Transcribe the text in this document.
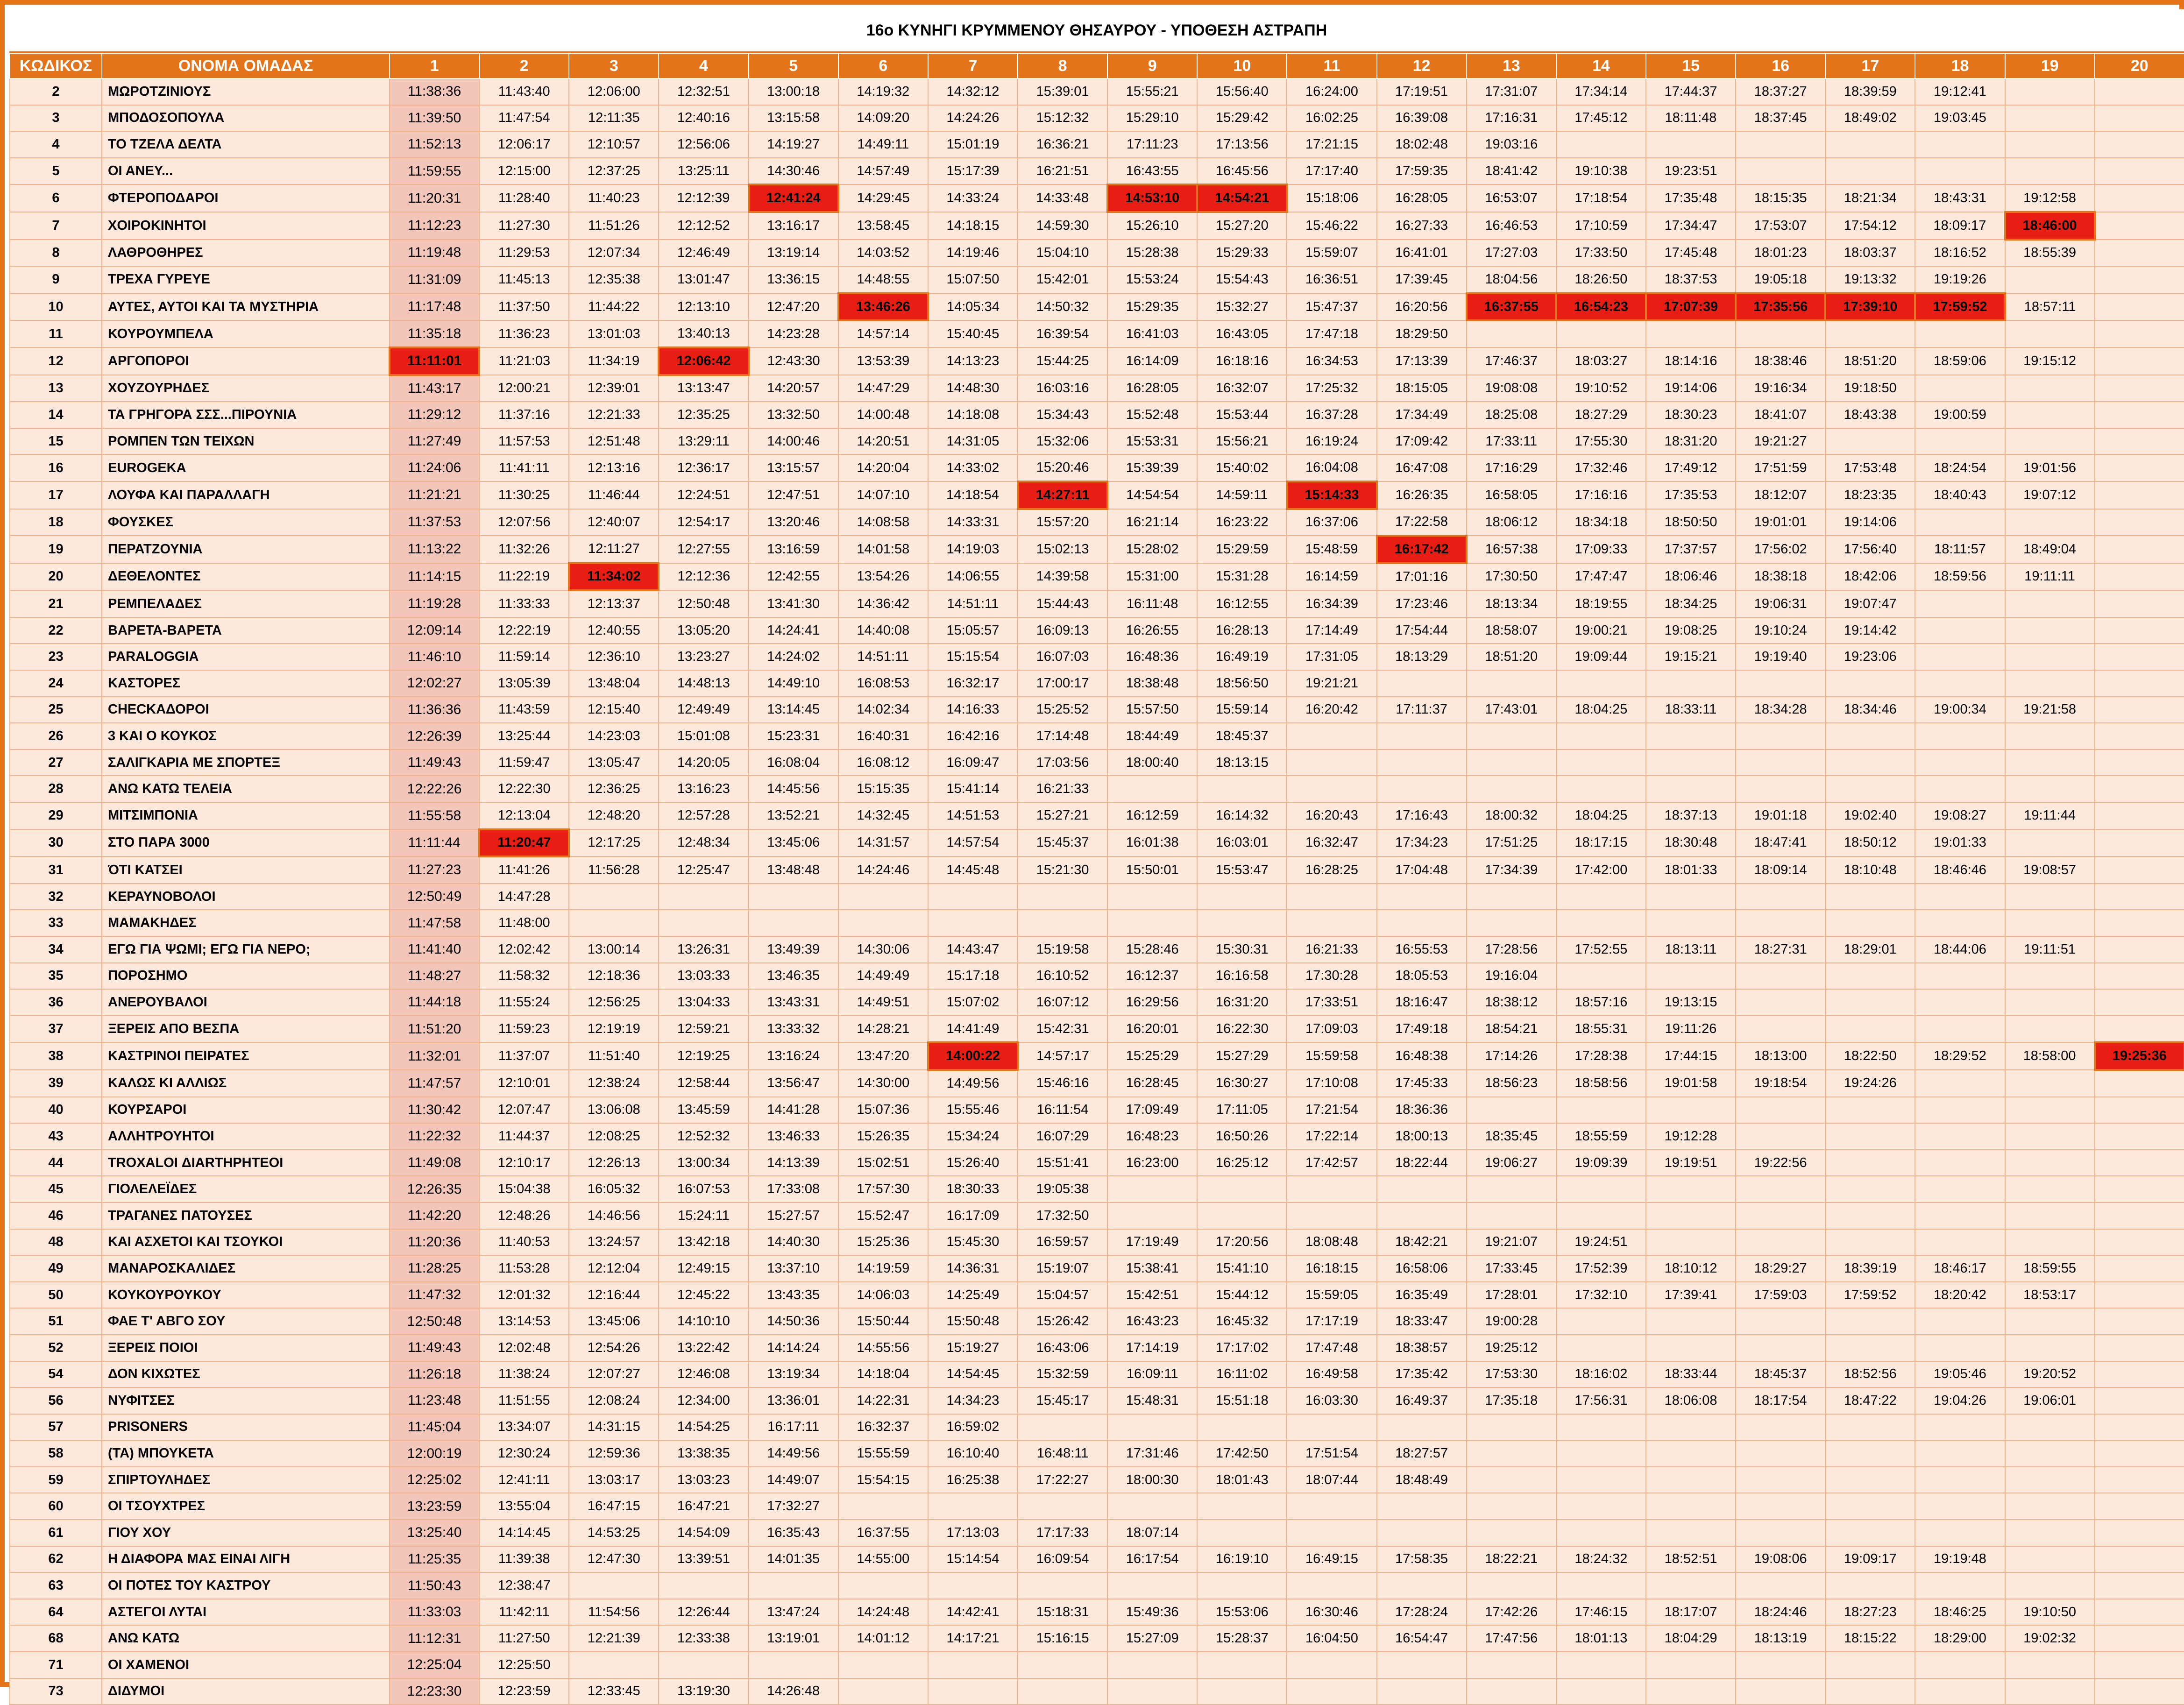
16ο ΚΥΝΗΓΙ ΚΡΥΜΜΕΝΟΥ ΘΗΣΑΥΡΟΥ - ΥΠΟΘΕΣΗ ΑΣΤΡΑΠΗ
ΚΩΔΙΚΟΣ	ΟΝΟΜΑ ΟΜΑΔΑΣ	1	2	3	4	5	6	7	8	9	10	11	12	13	14	15	16	17	18	19	20
2	ΜΩΡΟΤΖΙΝΙΟΥΣ	11:38:36	11:43:40	12:06:00	12:32:51	13:00:18	14:19:32	14:32:12	15:39:01	15:55:21	15:56:40	16:24:00	17:19:51	17:31:07	17:34:14	17:44:37	18:37:27	18:39:59	19:12:41		
3	ΜΠΟΔΟΣΟΠΟΥΛΑ	11:39:50	11:47:54	12:11:35	12:40:16	13:15:58	14:09:20	14:24:26	15:12:32	15:29:10	15:29:42	16:02:25	16:39:08	17:16:31	17:45:12	18:11:48	18:37:45	18:49:02	19:03:45		
4	ΤΟ ΤΖΕΛΑ ΔΕΛΤΑ	11:52:13	12:06:17	12:10:57	12:56:06	14:19:27	14:49:11	15:01:19	16:36:21	17:11:23	17:13:56	17:21:15	18:02:48	19:03:16							
5	ΟΙ ΑΝΕΥ...	11:59:55	12:15:00	12:37:25	13:25:11	14:30:46	14:57:49	15:17:39	16:21:51	16:43:55	16:45:56	17:17:40	17:59:35	18:41:42	19:10:38	19:23:51					
6	ΦΤΕΡΟΠΟΔΑΡΟΙ	11:20:31	11:28:40	11:40:23	12:12:39	12:41:24	14:29:45	14:33:24	14:33:48	14:53:10	14:54:21	15:18:06	16:28:05	16:53:07	17:18:54	17:35:48	18:15:35	18:21:34	18:43:31	19:12:58	
7	ΧΟΙΡΟΚΙΝΗΤΟΙ	11:12:23	11:27:30	11:51:26	12:12:52	13:16:17	13:58:45	14:18:15	14:59:30	15:26:10	15:27:20	15:46:22	16:27:33	16:46:53	17:10:59	17:34:47	17:53:07	17:54:12	18:09:17	18:46:00	
8	ΛΑΘΡΟΘΗΡΕΣ	11:19:48	11:29:53	12:07:34	12:46:49	13:19:14	14:03:52	14:19:46	15:04:10	15:28:38	15:29:33	15:59:07	16:41:01	17:27:03	17:33:50	17:45:48	18:01:23	18:03:37	18:16:52	18:55:39	
9	ΤΡΕΧΑ ΓΥΡΕΥΕ	11:31:09	11:45:13	12:35:38	13:01:47	13:36:15	14:48:55	15:07:50	15:42:01	15:53:24	15:54:43	16:36:51	17:39:45	18:04:56	18:26:50	18:37:53	19:05:18	19:13:32	19:19:26		
10	ΑΥΤΕΣ, ΑΥΤΟΙ ΚΑΙ ΤΑ ΜΥΣΤΗΡΙΑ	11:17:48	11:37:50	11:44:22	12:13:10	12:47:20	13:46:26	14:05:34	14:50:32	15:29:35	15:32:27	15:47:37	16:20:56	16:37:55	16:54:23	17:07:39	17:35:56	17:39:10	17:59:52	18:57:11	
11	ΚΟΥΡΟΥΜΠΕΛΑ	11:35:18	11:36:23	13:01:03	13:40:13	14:23:28	14:57:14	15:40:45	16:39:54	16:41:03	16:43:05	17:47:18	18:29:50								
12	ΑΡΓΟΠΟΡΟΙ	11:11:01	11:21:03	11:34:19	12:06:42	12:43:30	13:53:39	14:13:23	15:44:25	16:14:09	16:18:16	16:34:53	17:13:39	17:46:37	18:03:27	18:14:16	18:38:46	18:51:20	18:59:06	19:15:12	
13	ΧΟΥΖΟΥΡΗΔΕΣ	11:43:17	12:00:21	12:39:01	13:13:47	14:20:57	14:47:29	14:48:30	16:03:16	16:28:05	16:32:07	17:25:32	18:15:05	19:08:08	19:10:52	19:14:06	19:16:34	19:18:50			
14	ΤΑ ΓΡΗΓΟΡΑ ΣΣΣ...ΠΙΡΟΥΝΙΑ	11:29:12	11:37:16	12:21:33	12:35:25	13:32:50	14:00:48	14:18:08	15:34:43	15:52:48	15:53:44	16:37:28	17:34:49	18:25:08	18:27:29	18:30:23	18:41:07	18:43:38	19:00:59		
15	ΡΟΜΠΕΝ ΤΩΝ ΤΕΙΧΩΝ	11:27:49	11:57:53	12:51:48	13:29:11	14:00:46	14:20:51	14:31:05	15:32:06	15:53:31	15:56:21	16:19:24	17:09:42	17:33:11	17:55:30	18:31:20	19:21:27				
16	EUROGEKA	11:24:06	11:41:11	12:13:16	12:36:17	13:15:57	14:20:04	14:33:02	15:20:46	15:39:39	15:40:02	16:04:08	16:47:08	17:16:29	17:32:46	17:49:12	17:51:59	17:53:48	18:24:54	19:01:56	
17	ΛΟΥΦΑ ΚΑΙ ΠΑΡΑΛΛΑΓΗ	11:21:21	11:30:25	11:46:44	12:24:51	12:47:51	14:07:10	14:18:54	14:27:11	14:54:54	14:59:11	15:14:33	16:26:35	16:58:05	17:16:16	17:35:53	18:12:07	18:23:35	18:40:43	19:07:12	
18	ΦΟΥΣΚΕΣ	11:37:53	12:07:56	12:40:07	12:54:17	13:20:46	14:08:58	14:33:31	15:57:20	16:21:14	16:23:22	16:37:06	17:22:58	18:06:12	18:34:18	18:50:50	19:01:01	19:14:06			
19	ΠΕΡΑΤΖΟΥΝΙΑ	11:13:22	11:32:26	12:11:27	12:27:55	13:16:59	14:01:58	14:19:03	15:02:13	15:28:02	15:29:59	15:48:59	16:17:42	16:57:38	17:09:33	17:37:57	17:56:02	17:56:40	18:11:57	18:49:04	
20	ΔΕΘΕΛΟΝΤΕΣ	11:14:15	11:22:19	11:34:02	12:12:36	12:42:55	13:54:26	14:06:55	14:39:58	15:31:00	15:31:28	16:14:59	17:01:16	17:30:50	17:47:47	18:06:46	18:38:18	18:42:06	18:59:56	19:11:11	
21	ΡΕΜΠΕΛΑΔΕΣ	11:19:28	11:33:33	12:13:37	12:50:48	13:41:30	14:36:42	14:51:11	15:44:43	16:11:48	16:12:55	16:34:39	17:23:46	18:13:34	18:19:55	18:34:25	19:06:31	19:07:47			
22	ΒΑΡΕΤΑ-ΒΑΡΕΤΑ	12:09:14	12:22:19	12:40:55	13:05:20	14:24:41	14:40:08	15:05:57	16:09:13	16:26:55	16:28:13	17:14:49	17:54:44	18:58:07	19:00:21	19:08:25	19:10:24	19:14:42			
23	PARALOGGIA	11:46:10	11:59:14	12:36:10	13:23:27	14:24:02	14:51:11	15:15:54	16:07:03	16:48:36	16:49:19	17:31:05	18:13:29	18:51:20	19:09:44	19:15:21	19:19:40	19:23:06			
24	ΚΑΣΤΟΡΕΣ	12:02:27	13:05:39	13:48:04	14:48:13	14:49:10	16:08:53	16:32:17	17:00:17	18:38:48	18:56:50	19:21:21									
25	CHECKAΔΟΡΟΙ	11:36:36	11:43:59	12:15:40	12:49:49	13:14:45	14:02:34	14:16:33	15:25:52	15:57:50	15:59:14	16:20:42	17:11:37	17:43:01	18:04:25	18:33:11	18:34:28	18:34:46	19:00:34	19:21:58	
26	3 ΚΑΙ Ο ΚΟΥΚΟΣ	12:26:39	13:25:44	14:23:03	15:01:08	15:23:31	16:40:31	16:42:16	17:14:48	18:44:49	18:45:37										
27	ΣΑΛΙΓΚΑΡΙΑ ΜΕ ΣΠΟΡΤΕΞ	11:49:43	11:59:47	13:05:47	14:20:05	16:08:04	16:08:12	16:09:47	17:03:56	18:00:40	18:13:15										
28	ΑΝΩ ΚΑΤΩ ΤΕΛΕΙΑ	12:22:26	12:22:30	12:36:25	13:16:23	14:45:56	15:15:35	15:41:14	16:21:33												
29	ΜΙΤΣΙΜΠΟΝΙΑ	11:55:58	12:13:04	12:48:20	12:57:28	13:52:21	14:32:45	14:51:53	15:27:21	16:12:59	16:14:32	16:20:43	17:16:43	18:00:32	18:04:25	18:37:13	19:01:18	19:02:40	19:08:27	19:11:44	
30	ΣΤΟ ΠΑΡΑ 3000	11:11:44	11:20:47	12:17:25	12:48:34	13:45:06	14:31:57	14:57:54	15:45:37	16:01:38	16:03:01	16:32:47	17:34:23	17:51:25	18:17:15	18:30:48	18:47:41	18:50:12	19:01:33		
31	ΌΤΙ ΚΑΤΣΕΙ	11:27:23	11:41:26	11:56:28	12:25:47	13:48:48	14:24:46	14:45:48	15:21:30	15:50:01	15:53:47	16:28:25	17:04:48	17:34:39	17:42:00	18:01:33	18:09:14	18:10:48	18:46:46	19:08:57	
32	ΚΕΡΑΥΝΟΒΟΛΟΙ	12:50:49	14:47:28																		
33	ΜΑΜΑΚΗΔΕΣ	11:47:58	11:48:00																		
34	ΕΓΩ ΓΙΑ ΨΩΜΙ; ΕΓΩ ΓΙΑ ΝΕΡΟ;	11:41:40	12:02:42	13:00:14	13:26:31	13:49:39	14:30:06	14:43:47	15:19:58	15:28:46	15:30:31	16:21:33	16:55:53	17:28:56	17:52:55	18:13:11	18:27:31	18:29:01	18:44:06	19:11:51	
35	ΠΟΡΟΣΗΜΟ	11:48:27	11:58:32	12:18:36	13:03:33	13:46:35	14:49:49	15:17:18	16:10:52	16:12:37	16:16:58	17:30:28	18:05:53	19:16:04							
36	ΑΝΕΡΟΥΒΑΛΟΙ	11:44:18	11:55:24	12:56:25	13:04:33	13:43:31	14:49:51	15:07:02	16:07:12	16:29:56	16:31:20	17:33:51	18:16:47	18:38:12	18:57:16	19:13:15					
37	ΞΕΡΕΙΣ ΑΠΟ ΒΕΣΠΑ	11:51:20	11:59:23	12:19:19	12:59:21	13:33:32	14:28:21	14:41:49	15:42:31	16:20:01	16:22:30	17:09:03	17:49:18	18:54:21	18:55:31	19:11:26					
38	ΚΑΣΤΡΙΝΟΙ ΠΕΙΡΑΤΕΣ	11:32:01	11:37:07	11:51:40	12:19:25	13:16:24	13:47:20	14:00:22	14:57:17	15:25:29	15:27:29	15:59:58	16:48:38	17:14:26	17:28:38	17:44:15	18:13:00	18:22:50	18:29:52	18:58:00	19:25:36
39	ΚΑΛΩΣ ΚΙ ΑΛΛΙΩΣ	11:47:57	12:10:01	12:38:24	12:58:44	13:56:47	14:30:00	14:49:56	15:46:16	16:28:45	16:30:27	17:10:08	17:45:33	18:56:23	18:58:56	19:01:58	19:18:54	19:24:26			
40	ΚΟΥΡΣΑΡΟΙ	11:30:42	12:07:47	13:06:08	13:45:59	14:41:28	15:07:36	15:55:46	16:11:54	17:09:49	17:11:05	17:21:54	18:36:36								
43	ΑΛΛΗΤΡΟΥΗΤΟΙ	11:22:32	11:44:37	12:08:25	12:52:32	13:46:33	15:26:35	15:34:24	16:07:29	16:48:23	16:50:26	17:22:14	18:00:13	18:35:45	18:55:59	19:12:28					
44	TROXALOI ΔΙΑRTHPHTEOI	11:49:08	12:10:17	12:26:13	13:00:34	14:13:39	15:02:51	15:26:40	15:51:41	16:23:00	16:25:12	17:42:57	18:22:44	19:06:27	19:09:39	19:19:51	19:22:56				
45	ΓΙΟΛΕΛΕΪΔΕΣ	12:26:35	15:04:38	16:05:32	16:07:53	17:33:08	17:57:30	18:30:33	19:05:38												
46	ΤΡΑΓΑΝΕΣ ΠΑΤΟΥΣΕΣ	11:42:20	12:48:26	14:46:56	15:24:11	15:27:57	15:52:47	16:17:09	17:32:50												
48	ΚΑΙ ΑΣΧΕΤΟΙ ΚΑΙ ΤΣΟΥΚΟΙ	11:20:36	11:40:53	13:24:57	13:42:18	14:40:30	15:25:36	15:45:30	16:59:57	17:19:49	17:20:56	18:08:48	18:42:21	19:21:07	19:24:51						
49	ΜΑΝΑΡΟΣΚΑΛΙΔΕΣ	11:28:25	11:53:28	12:12:04	12:49:15	13:37:10	14:19:59	14:36:31	15:19:07	15:38:41	15:41:10	16:18:15	16:58:06	17:33:45	17:52:39	18:10:12	18:29:27	18:39:19	18:46:17	18:59:55	
50	ΚΟΥΚΟΥΡΟΥΚΟΥ	11:47:32	12:01:32	12:16:44	12:45:22	13:43:35	14:06:03	14:25:49	15:04:57	15:42:51	15:44:12	15:59:05	16:35:49	17:28:01	17:32:10	17:39:41	17:59:03	17:59:52	18:20:42	18:53:17	
51	ΦΑΕ Τ' ΑΒΓΟ ΣΟΥ	12:50:48	13:14:53	13:45:06	14:10:10	14:50:36	15:50:44	15:50:48	15:26:42	16:43:23	16:45:32	17:17:19	18:33:47	19:00:28							
52	ΞΕΡΕΙΣ ΠΟΙΟΙ	11:49:43	12:02:48	12:54:26	13:22:42	14:14:24	14:55:56	15:19:27	16:43:06	17:14:19	17:17:02	17:47:48	18:38:57	19:25:12							
54	ΔΟΝ ΚΙΧΩΤΕΣ	11:26:18	11:38:24	12:07:27	12:46:08	13:19:34	14:18:04	14:54:45	15:32:59	16:09:11	16:11:02	16:49:58	17:35:42	17:53:30	18:16:02	18:33:44	18:45:37	18:52:56	19:05:46	19:20:52	
56	ΝΥΦΙΤΣΕΣ	11:23:48	11:51:55	12:08:24	12:34:00	13:36:01	14:22:31	14:34:23	15:45:17	15:48:31	15:51:18	16:03:30	16:49:37	17:35:18	17:56:31	18:06:08	18:17:54	18:47:22	19:04:26	19:06:01	
57	PRISONERS	11:45:04	13:34:07	14:31:15	14:54:25	16:17:11	16:32:37	16:59:02													
58	(ΤΑ) ΜΠΟΥΚΕΤΑ	12:00:19	12:30:24	12:59:36	13:38:35	14:49:56	15:55:59	16:10:40	16:48:11	17:31:46	17:42:50	17:51:54	18:27:57								
59	ΣΠΙΡΤΟΥΛΗΔΕΣ	12:25:02	12:41:11	13:03:17	13:03:23	14:49:07	15:54:15	16:25:38	17:22:27	18:00:30	18:01:43	18:07:44	18:48:49								
60	ΟΙ ΤΣΟΥΧΤΡΕΣ	13:23:59	13:55:04	16:47:15	16:47:21	17:32:27															
61	ΓΙΟΥ ΧΟΥ	13:25:40	14:14:45	14:53:25	14:54:09	16:35:43	16:37:55	17:13:03	17:17:33	18:07:14											
62	Η ΔΙΑΦΟΡΑ ΜΑΣ ΕΙΝΑΙ ΛΙΓΗ	11:25:35	11:39:38	12:47:30	13:39:51	14:01:35	14:55:00	15:14:54	16:09:54	16:17:54	16:19:10	16:49:15	17:58:35	18:22:21	18:24:32	18:52:51	19:08:06	19:09:17	19:19:48		
63	ΟΙ ΠΟΤΕΣ ΤΟΥ ΚΑΣΤΡΟΥ	11:50:43	12:38:47																		
64	ΑΣΤΕΓΟΙ ΛΥΤΑΙ	11:33:03	11:42:11	11:54:56	12:26:44	13:47:24	14:24:48	14:42:41	15:18:31	15:49:36	15:53:06	16:30:46	17:28:24	17:42:26	17:46:15	18:17:07	18:24:46	18:27:23	18:46:25	19:10:50	
68	ΑΝΩ ΚΑΤΩ	11:12:31	11:27:50	12:21:39	12:33:38	13:19:01	14:01:12	14:17:21	15:16:15	15:27:09	15:28:37	16:04:50	16:54:47	17:47:56	18:01:13	18:04:29	18:13:19	18:15:22	18:29:00	19:02:32	
71	ΟΙ ΧΑΜΕΝΟΙ	12:25:04	12:25:50																		
73	ΔΙΔΥΜΟΙ	12:23:30	12:23:59	12:33:45	13:19:30	14:26:48															
